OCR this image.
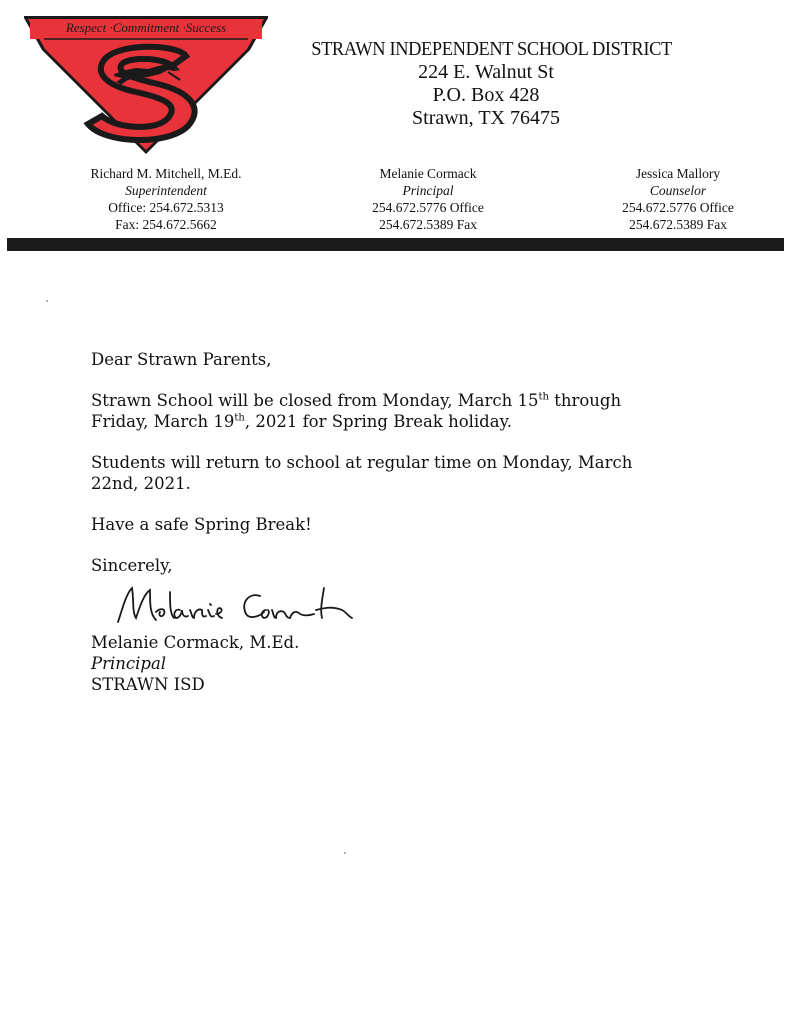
Respect ·Commitment ·Success
STRAWN INDEPENDENT SCHOOL DISTRICT
224 E. Walnut St
P.O. Box 428
Strawn, TX 76475
Richard M. Mitchell, M.Ed.
Superintendent
Office: 254.672.5313
Fax: 254.672.5662
Melanie Cormack
Principal
254.672.5776 Office
254.672.5389 Fax
Jessica Mallory
Counselor
254.672.5776 Office
254.672.5389 Fax

Dear Strawn Parents,

Strawn School will be closed from Monday, March 15th through
Friday, March 19th, 2021 for Spring Break holiday.

Students will return to school at regular time on Monday, March
22nd, 2021.

Have a safe Spring Break!

Sincerely,

Melanie Cormack, M.Ed.
Principal
STRAWN ISD
